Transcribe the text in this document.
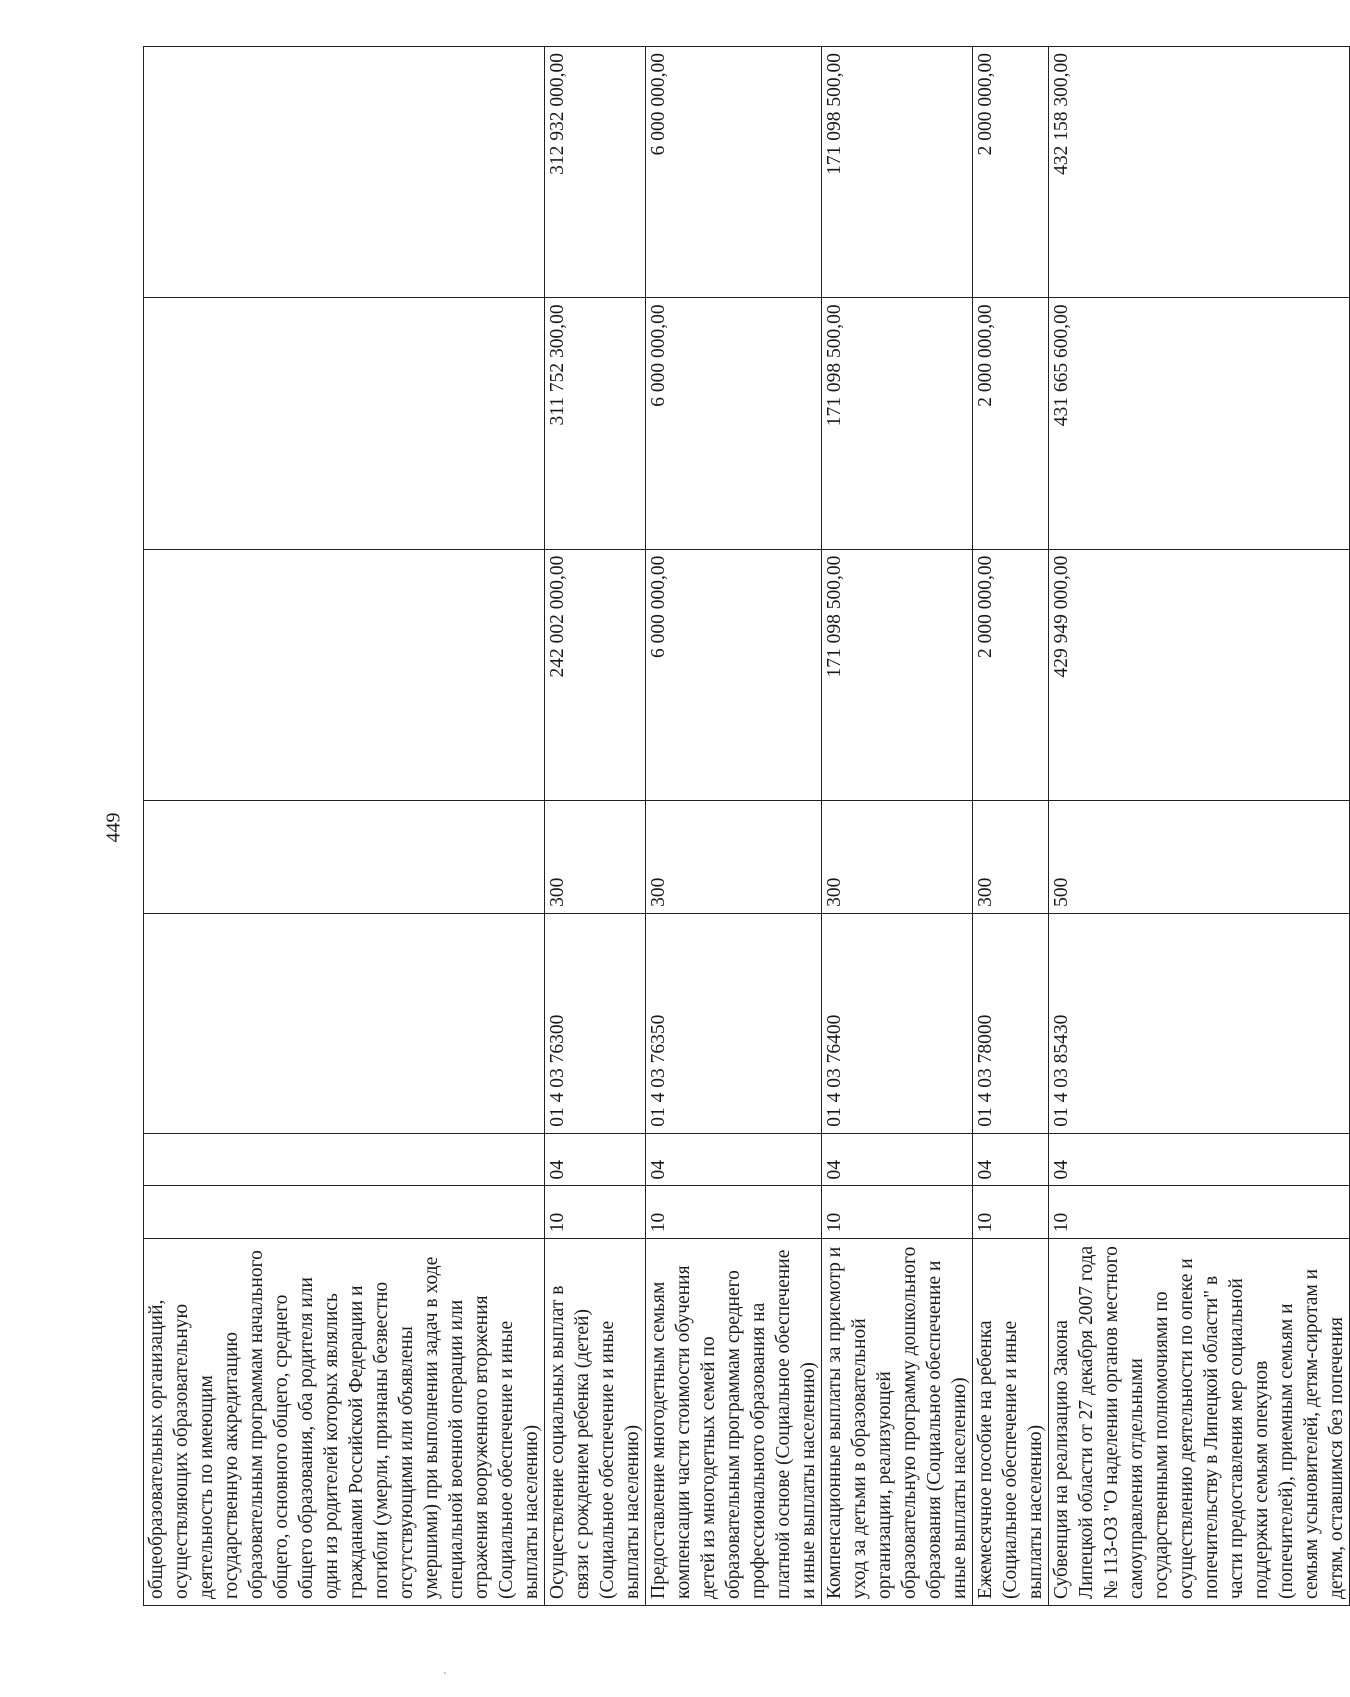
449
общеобразовательных организаций, осуществляющих образовательную деятельность по имеющим государственную аккредитацию образовательным программам начального общего, основного общего, среднего общего образования, оба родителя или один из родителей которых являлись гражданами Российской Федерации и погибли (умерли, признаны безвестно отсутствующими или объявлены умершими) при выполнении задач в ходе специальной военной операции или отражения вооруженного вторжения (Социальное обеспечение и иные выплаты населению)							
Осуществление социальных выплат в связи с рождением ребенка (детей) (Социальное обеспечение и иные выплаты населению)	10	04	01 4 03 76300	300	242 002 000,00	311 752 300,00	312 932 000,00
Предоставление многодетным семьям компенсации части стоимости обучения детей из многодетных семей по образовательным программам среднего профессионального образования на платной основе (Социальное обеспечение и иные выплаты населению)	10	04	01 4 03 76350	300	6 000 000,00	6 000 000,00	6 000 000,00
Компенсационные выплаты за присмотр и уход за детьми в образовательной организации, реализующей образовательную программу дошкольного образования (Социальное обеспечение и иные выплаты населению)	10	04	01 4 03 76400	300	171 098 500,00	171 098 500,00	171 098 500,00
Ежемесячное пособие на ребенка (Социальное обеспечение и иные выплаты населению)	10	04	01 4 03 78000	300	2 000 000,00	2 000 000,00	2 000 000,00
Субвенция на реализацию Закона Липецкой области от 27 декабря 2007 года № 113-ОЗ "О наделении органов местного самоуправления отдельными государственными полномочиями по осуществлению деятельности по опеке и попечительству в Липецкой области" в части предоставления мер социальной поддержки семьям опекунов (попечителей), приемным семьям и семьям усыновителей, детям-сиротам и детям, оставшимся без попечения	10	04	01 4 03 85430	500	429 949 000,00	431 665 600,00	432 158 300,00
